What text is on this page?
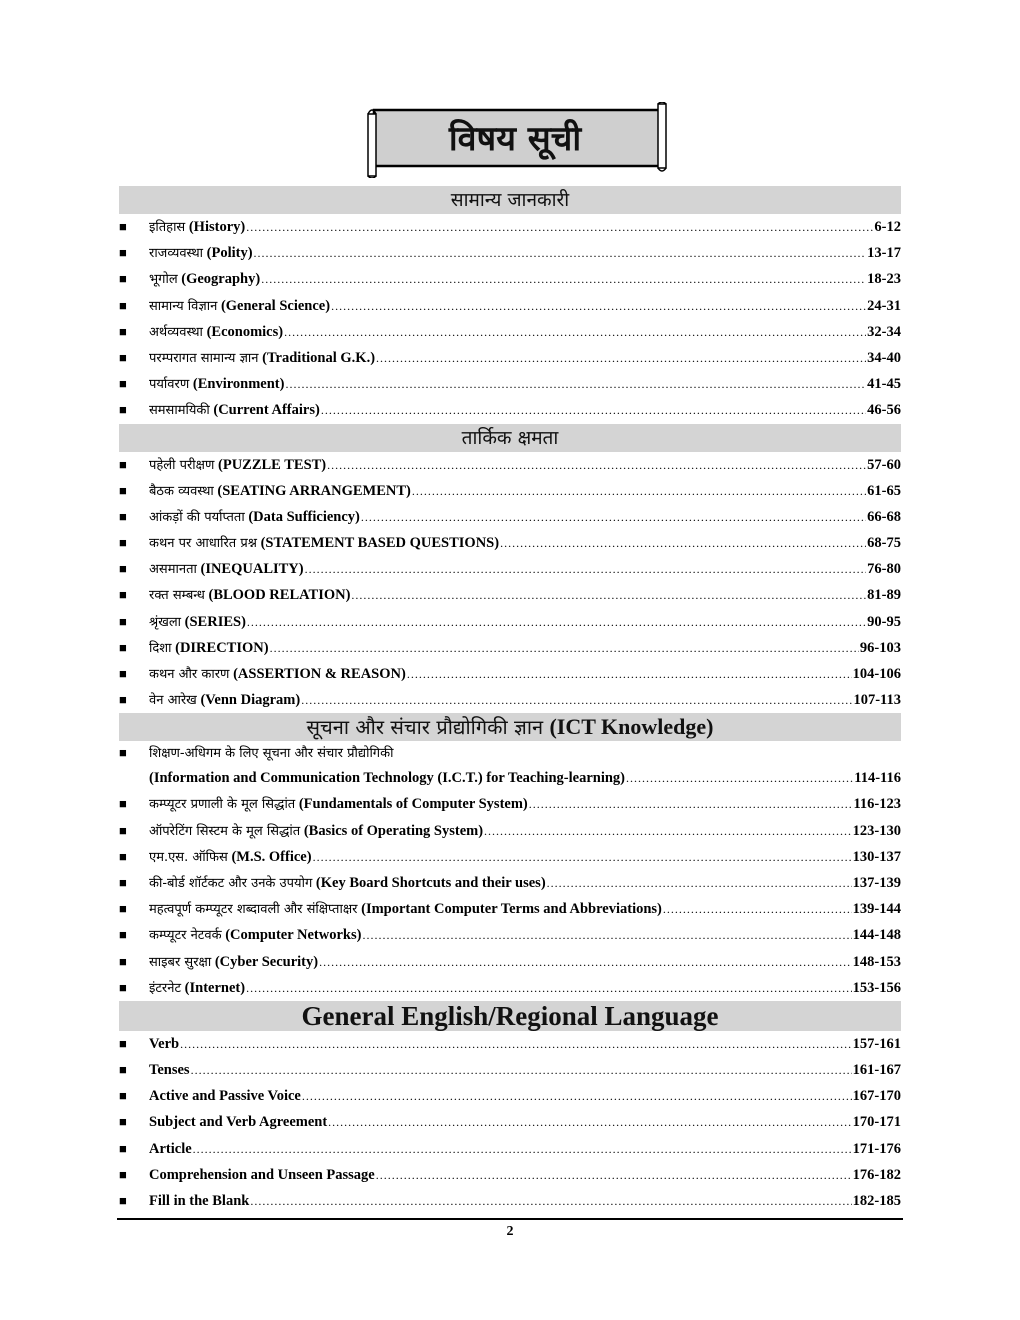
विषय सूची
सामान्य जानकारी
■	इतिहास (History) .....	6-12
■	राजव्यवस्था (Polity) .....	13-17
■	भूगोल (Geography) .....	18-23
■	सामान्य विज्ञान (General Science) .....	24-31
■	अर्थव्यवस्था (Economics) .....	32-34
■	परम्परागत सामान्य ज्ञान (Traditional G.K.) .....	34-40
■	पर्यावरण (Environment) .....	41-45
■	समसामयिकी (Current Affairs) .....	46-56
तार्किक क्षमता
■	पहेली परीक्षण (PUZZLE TEST) .....	57-60
■	बैठक व्यवस्था (SEATING ARRANGEMENT) .....	61-65
■	आंकड़ों की पर्याप्तता (Data Sufficiency) .....	66-68
■	कथन पर आधारित प्रश्न (STATEMENT BASED QUESTIONS) .....	68-75
■	असमानता (INEQUALITY) .....	76-80
■	रक्त सम्बन्ध (BLOOD RELATION) .....	81-89
■	श्रृंखला (SERIES) .....	90-95
■	दिशा (DIRECTION) .....	96-103
■	कथन और कारण (ASSERTION & REASON) .....	104-106
■	वेन आरेख (Venn Diagram) .....	107-113
सूचना और संचार प्रौद्योगिकी ज्ञान (ICT Knowledge)
■	शिक्षण-अधिगम के लिए सूचना और संचार प्रौद्योगिकी
(Information and Communication Technology (I.C.T.) for Teaching-learning) .....	114-116
■	कम्प्यूटर प्रणाली के मूल सिद्धांत (Fundamentals of Computer System) .....	116-123
■	ऑपरेटिंग सिस्टम के मूल सिद्धांत (Basics of Operating System) .....	123-130
■	एम.एस. ऑफिस (M.S. Office) .....	130-137
■	की-बोर्ड शॉर्टकट और उनके उपयोग (Key Board Shortcuts and their uses) .....	137-139
■	महत्वपूर्ण कम्प्यूटर शब्दावली और संक्षिप्ताक्षर (Important Computer Terms and Abbreviations) .....	139-144
■	कम्प्यूटर नेटवर्क (Computer Networks) .....	144-148
■	साइबर सुरक्षा (Cyber Security) .....	148-153
■	इंटरनेट (Internet) .....	153-156
General English/Regional Language
■	Verb .....	157-161
■	Tenses .....	161-167
■	Active and Passive Voice .....	167-170
■	Subject and Verb Agreement .....	170-171
■	Article .....	171-176
■	Comprehension and Unseen Passage .....	176-182
■	Fill in the Blank .....	182-185
2
